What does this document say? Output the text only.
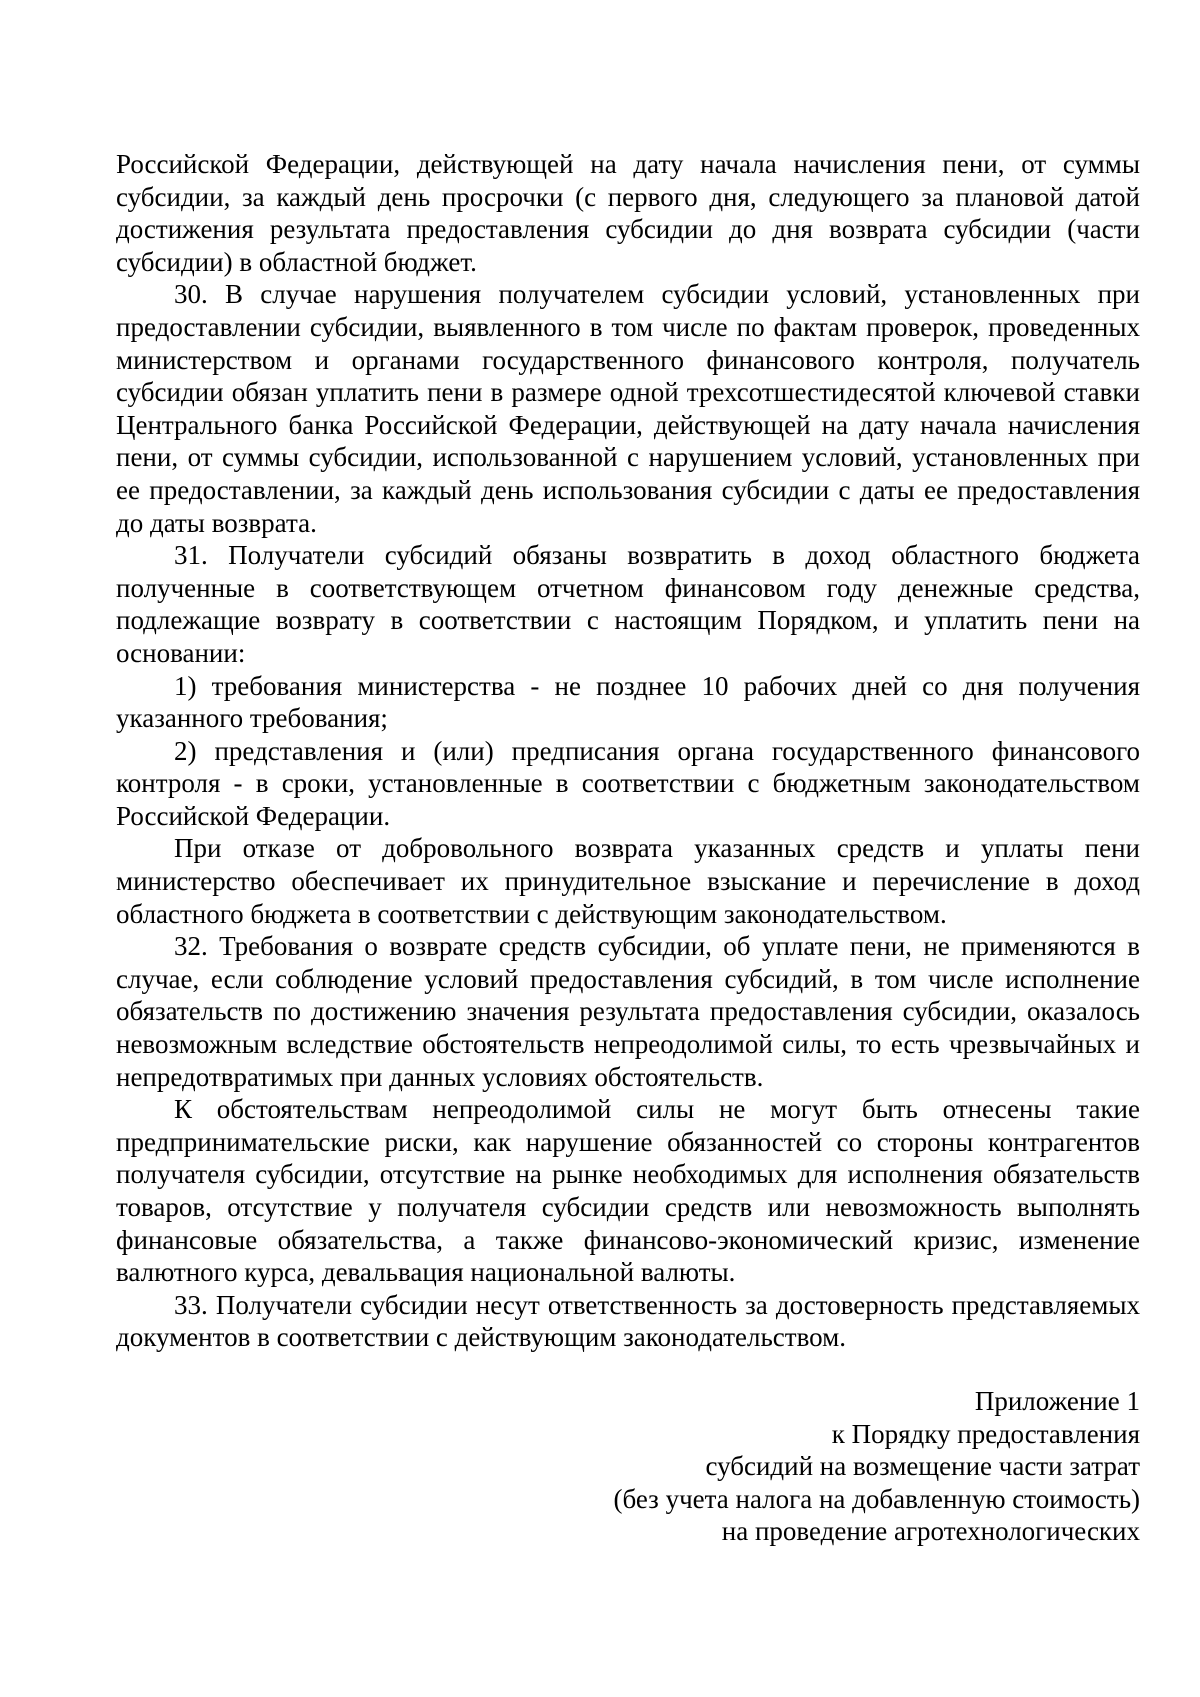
Российской Федерации, действующей на дату начала начисления пени, от суммы субсидии, за каждый день просрочки (с первого дня, следующего за плановой датой достижения результата предоставления субсидии до дня возврата субсидии (части субсидии) в областной бюджет.

30. В случае нарушения получателем субсидии условий, установленных при предоставлении субсидии, выявленного в том числе по фактам проверок, проведенных министерством и органами государственного финансового контроля, получатель субсидии обязан уплатить пени в размере одной трехсотшестидесятой ключевой ставки Центрального банка Российской Федерации, действующей на дату начала начисления пени, от суммы субсидии, использованной с нарушением условий, установленных при ее предоставлении, за каждый день использования субсидии с даты ее предоставления до даты возврата.

31. Получатели субсидий обязаны возвратить в доход областного бюджета полученные в соответствующем отчетном финансовом году денежные средства, подлежащие возврату в соответствии с настоящим Порядком, и уплатить пени на основании:

1) требования министерства - не позднее 10 рабочих дней со дня получения указанного требования;

2) представления и (или) предписания органа государственного финансового контроля - в сроки, установленные в соответствии с бюджетным законодательством Российской Федерации.

При отказе от добровольного возврата указанных средств и уплаты пени министерство обеспечивает их принудительное взыскание и перечисление в доход областного бюджета в соответствии с действующим законодательством.

32. Требования о возврате средств субсидии, об уплате пени, не применяются в случае, если соблюдение условий предоставления субсидий, в том числе исполнение обязательств по достижению значения результата предоставления субсидии, оказалось невозможным вследствие обстоятельств непреодолимой силы, то есть чрезвычайных и непредотвратимых при данных условиях обстоятельств.

К обстоятельствам непреодолимой силы не могут быть отнесены такие предпринимательские риски, как нарушение обязанностей со стороны контрагентов получателя субсидии, отсутствие на рынке необходимых для исполнения обязательств товаров, отсутствие у получателя субсидии средств или невозможность выполнять финансовые обязательства, а также финансово-экономический кризис, изменение валютного курса, девальвация национальной валюты.

33. Получатели субсидии несут ответственность за достоверность представляемых документов в соответствии с действующим законодательством.

Приложение 1
к Порядку предоставления
субсидий на возмещение части затрат
(без учета налога на добавленную стоимость)
на проведение агротехнологических
